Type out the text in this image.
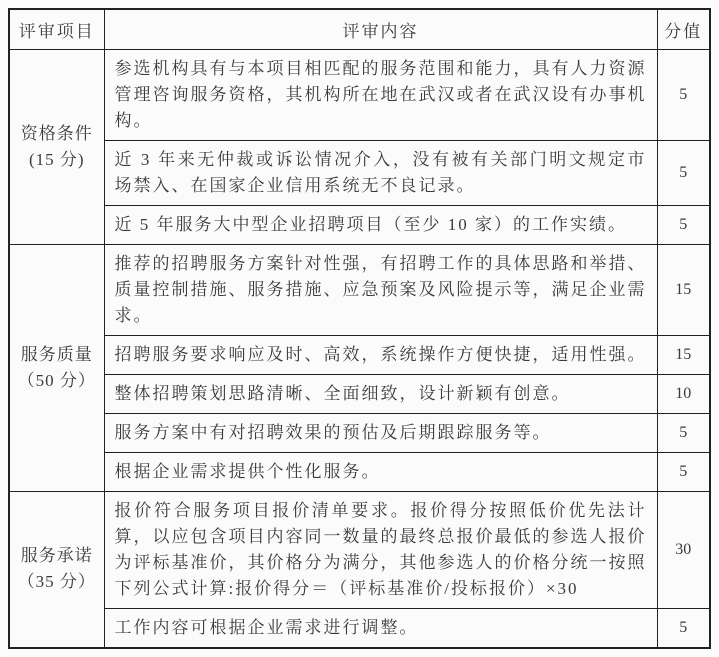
评审项目	评审内容	分值

资格条件
(15 分)	参选机构具有与本项目相匹配的服务范围和能力，具有人力资源管理咨询服务资格，其机构所在地在武汉或者在武汉设有办事机构。	5
	近 3 年来无仲裁或诉讼情况介入，没有被有关部门明文规定市场禁入、在国家企业信用系统无不良记录。	5
	近 5 年服务大中型企业招聘项目（至少 10 家）的工作实绩。	5

服务质量
（50 分）	推荐的招聘服务方案针对性强，有招聘工作的具体思路和举措、质量控制措施、服务措施、应急预案及风险提示等，满足企业需求。	15
	招聘服务要求响应及时、高效，系统操作方便快捷，适用性强。	15
	整体招聘策划思路清晰、全面细致，设计新颖有创意。	10
	服务方案中有对招聘效果的预估及后期跟踪服务等。	5
	根据企业需求提供个性化服务。	5

服务承诺
（35 分）	报价符合服务项目报价清单要求。报价得分按照低价优先法计算，以应包含项目内容同一数量的最终总报价最低的参选人报价为评标基准价，其价格分为满分，其他参选人的价格分统一按照下列公式计算:报价得分＝（评标基准价/投标报价）×30	30
	工作内容可根据企业需求进行调整。	5
